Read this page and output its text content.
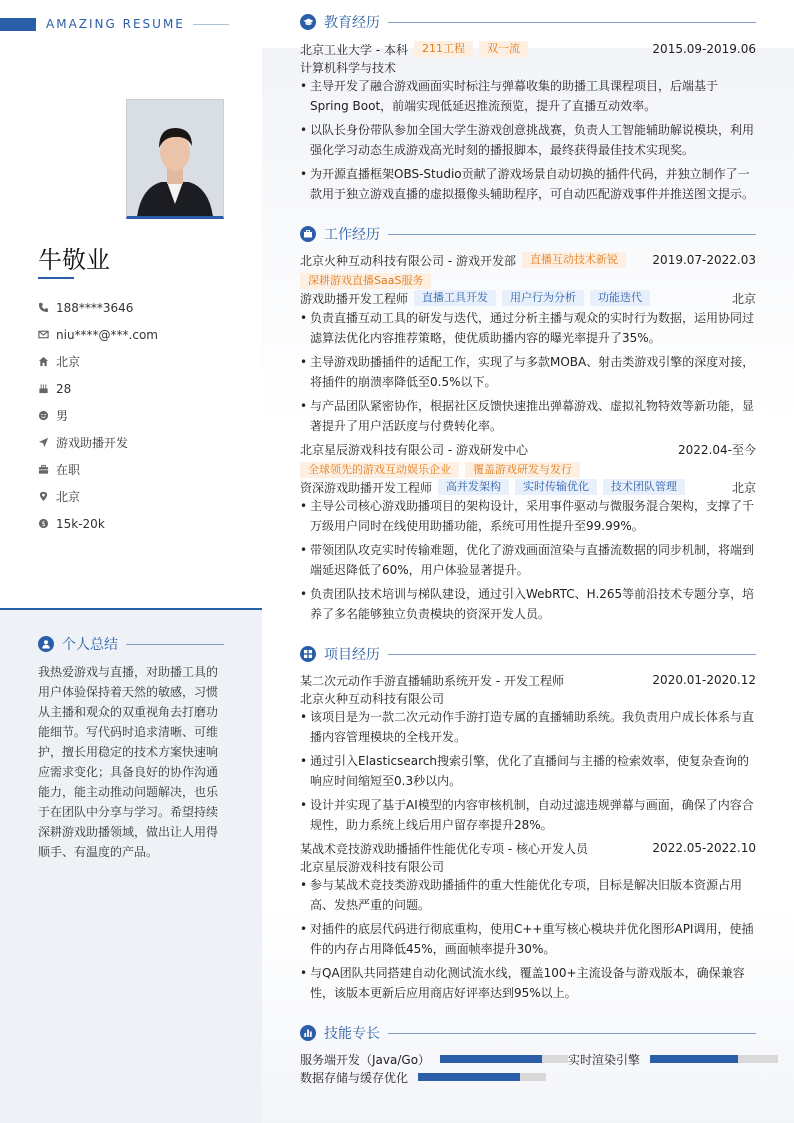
AMAZING RESUME
牛敬业
188****3646
niu****@***.com
北京
28
男
游戏助播开发
在职
北京
$ 15k-20k
个人总结
我热爱游戏与直播，对助播工具的用户体验保持着天然的敏感，习惯从主播和观众的双重视角去打磨功能细节。写代码时追求清晰、可维护，擅长用稳定的技术方案快速响应需求变化；具备良好的协作沟通能力，能主动推动问题解决，也乐于在团队中分享与学习。希望持续深耕游戏助播领域，做出让人用得顺手、有温度的产品。
教育经历
北京工业大学 - 本科	211工程	双一流	2015.09-2019.06
计算机科学与技术
• 主导开发了融合游戏画面实时标注与弹幕收集的助播工具课程项目，后端基于Spring Boot，前端实现低延迟推流预览，提升了直播互动效率。
• 以队长身份带队参加全国大学生游戏创意挑战赛，负责人工智能辅助解说模块，利用强化学习动态生成游戏高光时刻的播报脚本，最终获得最佳技术实现奖。
• 为开源直播框架OBS-Studio贡献了游戏场景自动切换的插件代码，并独立制作了一款用于独立游戏直播的虚拟摄像头辅助程序，可自动匹配游戏事件并推送图文提示。
工作经历
北京火种互动科技有限公司 - 游戏开发部	直播互动技术新锐	2019.07-2022.03
深耕游戏直播SaaS服务
游戏助播开发工程师	直播工具开发	用户行为分析	功能迭代	北京
• 负责直播互动工具的研发与迭代，通过分析主播与观众的实时行为数据，运用协同过滤算法优化内容推荐策略，使优质助播内容的曝光率提升了35%。
• 主导游戏助播插件的适配工作，实现了与多款MOBA、射击类游戏引擎的深度对接，将插件的崩溃率降低至0.5%以下。
• 与产品团队紧密协作，根据社区反馈快速推出弹幕游戏、虚拟礼物特效等新功能，显著提升了用户活跃度与付费转化率。
北京星辰游戏科技有限公司 - 游戏研发中心	2022.04-至今
全球领先的游戏互动娱乐企业	覆盖游戏研发与发行
资深游戏助播开发工程师	高并发架构	实时传输优化	技术团队管理	北京
• 主导公司核心游戏助播项目的架构设计，采用事件驱动与微服务混合架构，支撑了千万级用户同时在线使用助播功能，系统可用性提升至99.99%。
• 带领团队攻克实时传输难题，优化了游戏画面渲染与直播流数据的同步机制，将端到端延迟降低了60%，用户体验显著提升。
• 负责团队技术培训与梯队建设，通过引入WebRTC、H.265等前沿技术专题分享，培养了多名能够独立负责模块的资深开发人员。
项目经历
某二次元动作手游直播辅助系统开发 - 开发工程师	2020.01-2020.12
北京火种互动科技有限公司
• 该项目是为一款二次元动作手游打造专属的直播辅助系统。我负责用户成长体系与直播内容管理模块的全栈开发。
• 通过引入Elasticsearch搜索引擎，优化了直播间与主播的检索效率，使复杂查询的响应时间缩短至0.3秒以内。
• 设计并实现了基于AI模型的内容审核机制，自动过滤违规弹幕与画面，确保了内容合规性，助力系统上线后用户留存率提升28%。
某战术竞技游戏助播插件性能优化专项 - 核心开发人员	2022.05-2022.10
北京星辰游戏科技有限公司
• 参与某战术竞技类游戏助播插件的重大性能优化专项，目标是解决旧版本资源占用高、发热严重的问题。
• 对插件的底层代码进行彻底重构，使用C++重写核心模块并优化图形API调用，使插件的内存占用降低45%，画面帧率提升30%。
• 与QA团队共同搭建自动化测试流水线，覆盖100+主流设备与游戏版本，确保兼容性，该版本更新后应用商店好评率达到95%以上。
技能专长
服务端开发（Java/Go）	实时渲染引擎
数据存储与缓存优化
